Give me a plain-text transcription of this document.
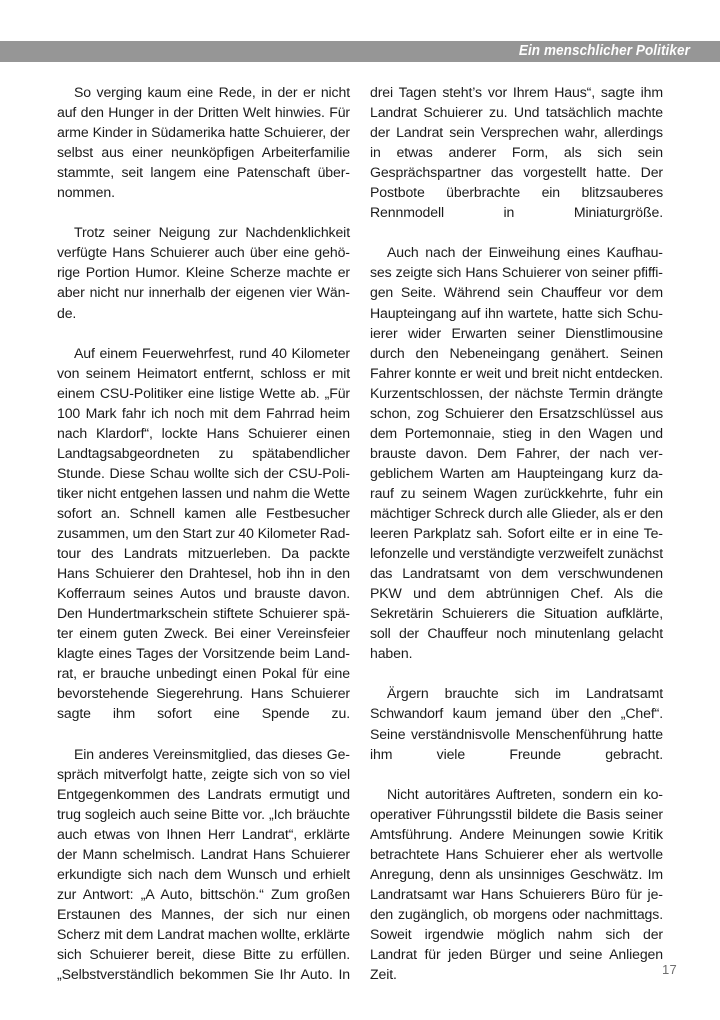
Ein menschlicher Politiker

So verging kaum eine Rede, in der er nicht auf den Hunger in der Dritten Welt hinwies. Für arme Kinder in Südamerika hatte Schuierer, der selbst aus einer neunköpfigen Arbeiterfamilie stammte, seit langem eine Patenschaft übernommen.

Trotz seiner Neigung zur Nachdenklichkeit verfügte Hans Schuierer auch über eine gehörige Portion Humor. Kleine Scherze machte er aber nicht nur innerhalb der eigenen vier Wände.

Auf einem Feuerwehrfest, rund 40 Kilometer von seinem Heimatort entfernt, schloss er mit einem CSU-Politiker eine listige Wette ab. „Für 100 Mark fahr ich noch mit dem Fahrrad heim nach Klardorf“, lockte Hans Schuierer einen Landtagsabgeordneten zu spätabendlicher Stunde. Diese Schau wollte sich der CSU-Politiker nicht entgehen lassen und nahm die Wette sofort an. Schnell kamen alle Festbesucher zusammen, um den Start zur 40 Kilometer Radtour des Landrats mitzuerleben. Da packte Hans Schuierer den Drahtesel, hob ihn in den Kofferraum seines Autos und brauste davon. Den Hundertmarkschein stiftete Schuierer später einem guten Zweck. Bei einer Vereinsfeier klagte eines Tages der Vorsitzende beim Landrat, er brauche unbedingt einen Pokal für eine bevorstehende Siegerehrung. Hans Schuierer sagte ihm sofort eine Spende zu.

Ein anderes Vereinsmitglied, das dieses Gespräch mitverfolgt hatte, zeigte sich von so viel Entgegenkommen des Landrats ermutigt und trug sogleich auch seine Bitte vor. „Ich bräuchte auch etwas von Ihnen Herr Landrat“, erklärte der Mann schelmisch. Landrat Hans Schuierer erkundigte sich nach dem Wunsch und erhielt zur Antwort: „A Auto, bittschön.“ Zum großen Erstaunen des Mannes, der sich nur einen Scherz mit dem Landrat machen wollte, erklärte sich Schuierer bereit, diese Bitte zu erfüllen. „Selbstverständlich bekommen Sie Ihr Auto. In

drei Tagen steht’s vor Ihrem Haus“, sagte ihm Landrat Schuierer zu. Und tatsächlich machte der Landrat sein Versprechen wahr, allerdings in etwas anderer Form, als sich sein Gesprächspartner das vorgestellt hatte. Der Postbote überbrachte ein blitzsauberes Rennmodell in Miniaturgröße.

Auch nach der Einweihung eines Kaufhauses zeigte sich Hans Schuierer von seiner pfiffigen Seite. Während sein Chauffeur vor dem Haupteingang auf ihn wartete, hatte sich Schuierer wider Erwarten seiner Dienstlimousine durch den Nebeneingang genähert. Seinen Fahrer konnte er weit und breit nicht entdecken. Kurzentschlossen, der nächste Termin drängte schon, zog Schuierer den Ersatzschlüssel aus dem Portemonnaie, stieg in den Wagen und brauste davon. Dem Fahrer, der nach vergeblichem Warten am Haupteingang kurz darauf zu seinem Wagen zurückkehrte, fuhr ein mächtiger Schreck durch alle Glieder, als er den leeren Parkplatz sah. Sofort eilte er in eine Telefonzelle und verständigte verzweifelt zunächst das Landratsamt von dem verschwundenen PKW und dem abtrünnigen Chef. Als die Sekretärin Schuierers die Situation aufklärte, soll der Chauffeur noch minutenlang gelacht haben.

Ärgern brauchte sich im Landratsamt Schwandorf kaum jemand über den „Chef“. Seine verständnisvolle Menschenführung hatte ihm viele Freunde gebracht.

Nicht autoritäres Auftreten, sondern ein kooperativer Führungsstil bildete die Basis seiner Amtsführung. Andere Meinungen sowie Kritik betrachtete Hans Schuierer eher als wertvolle Anregung, denn als unsinniges Geschwätz. Im Landratsamt war Hans Schuierers Büro für jeden zugänglich, ob morgens oder nachmittags. Soweit irgendwie möglich nahm sich der Landrat für jeden Bürger und seine Anliegen Zeit.	17
